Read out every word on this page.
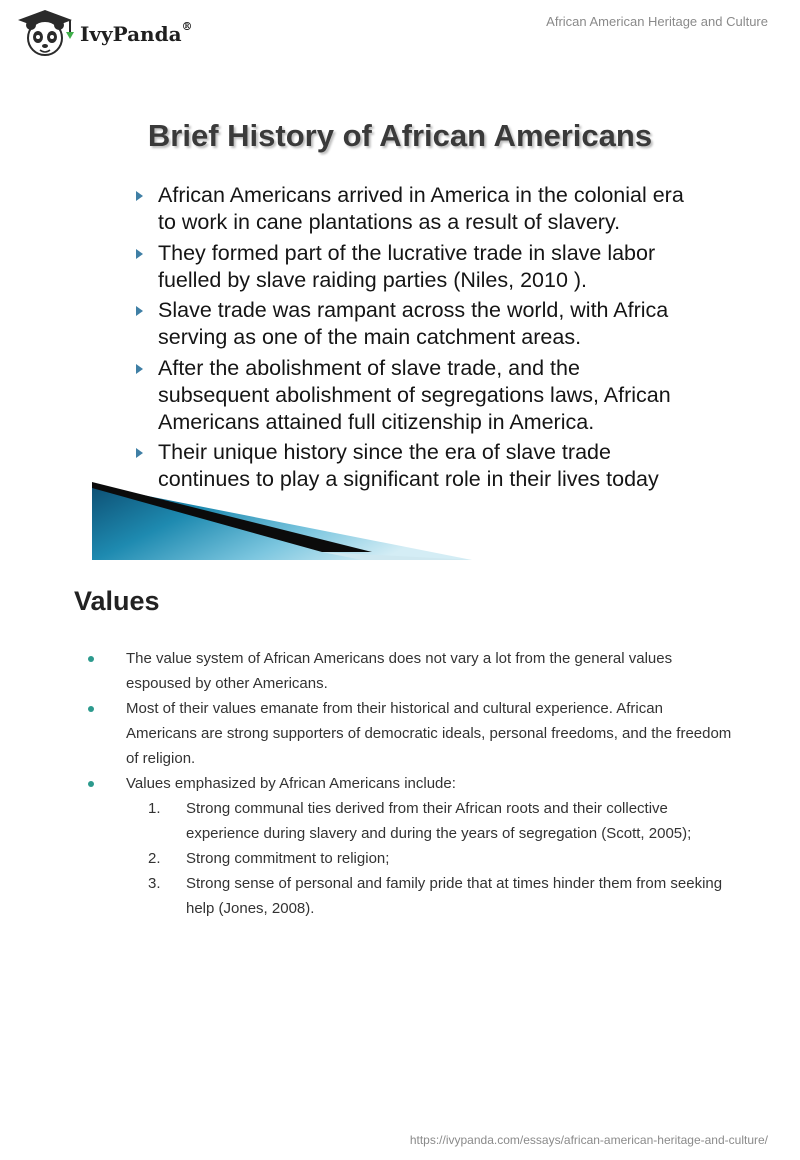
IvyPanda®	African American Heritage and Culture
Brief History of African Americans
African Americans arrived in America in the colonial era to work in cane plantations as a result of slavery.
They formed part of the lucrative trade in slave labor fuelled by slave raiding parties (Niles, 2010 ).
Slave trade was rampant across the world, with Africa serving as one of the main catchment areas.
After the abolishment of slave trade, and the subsequent abolishment of segregations laws, African Americans attained full citizenship in America.
Their unique history since the era of slave trade continues to play a significant role in their lives today
Values
The value system of African Americans does not vary a lot from the general values espoused by other Americans.
Most of their values emanate from their historical and cultural experience. African Americans are strong supporters of democratic ideals, personal freedoms, and the freedom of religion.
Values emphasized by African Americans include:
1. Strong communal ties derived from their African roots and their collective experience during slavery and during the years of segregation (Scott, 2005);
2. Strong commitment to religion;
3. Strong sense of personal and family pride that at times hinder them from seeking help (Jones, 2008).
https://ivypanda.com/essays/african-american-heritage-and-culture/
